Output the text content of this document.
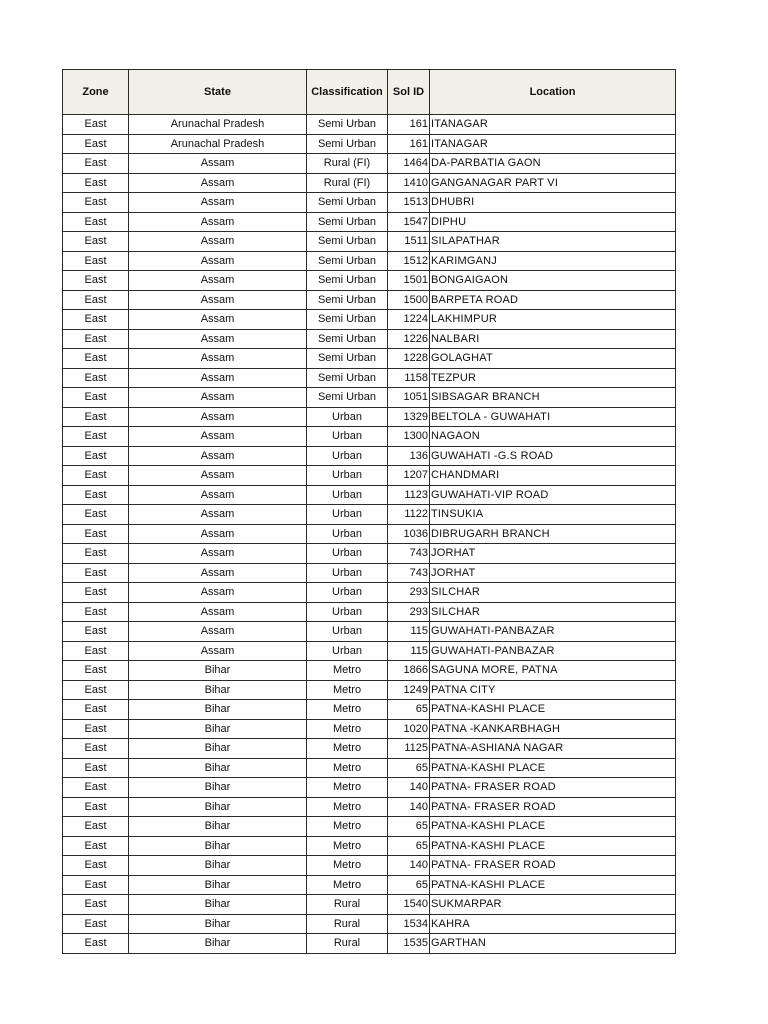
Zone	State	Classification	Sol ID	Location
East	Arunachal Pradesh	Semi Urban	161	ITANAGAR
East	Arunachal Pradesh	Semi Urban	161	ITANAGAR
East	Assam	Rural (FI)	1464	DA-PARBATIA GAON
East	Assam	Rural (FI)	1410	GANGANAGAR PART VI
East	Assam	Semi Urban	1513	DHUBRI
East	Assam	Semi Urban	1547	DIPHU
East	Assam	Semi Urban	1511	SILAPATHAR
East	Assam	Semi Urban	1512	KARIMGANJ
East	Assam	Semi Urban	1501	BONGAIGAON
East	Assam	Semi Urban	1500	BARPETA ROAD
East	Assam	Semi Urban	1224	LAKHIMPUR
East	Assam	Semi Urban	1226	NALBARI
East	Assam	Semi Urban	1228	GOLAGHAT
East	Assam	Semi Urban	1158	TEZPUR
East	Assam	Semi Urban	1051	SIBSAGAR BRANCH
East	Assam	Urban	1329	BELTOLA - GUWAHATI
East	Assam	Urban	1300	NAGAON
East	Assam	Urban	136	GUWAHATI -G.S ROAD
East	Assam	Urban	1207	CHANDMARI
East	Assam	Urban	1123	GUWAHATI-VIP ROAD
East	Assam	Urban	1122	TINSUKIA
East	Assam	Urban	1036	DIBRUGARH BRANCH
East	Assam	Urban	743	JORHAT
East	Assam	Urban	743	JORHAT
East	Assam	Urban	293	SILCHAR
East	Assam	Urban	293	SILCHAR
East	Assam	Urban	115	GUWAHATI-PANBAZAR
East	Assam	Urban	115	GUWAHATI-PANBAZAR
East	Bihar	Metro	1866	SAGUNA MORE, PATNA
East	Bihar	Metro	1249	PATNA CITY
East	Bihar	Metro	65	PATNA-KASHI PLACE
East	Bihar	Metro	1020	PATNA -KANKARBHAGH
East	Bihar	Metro	1125	PATNA-ASHIANA NAGAR
East	Bihar	Metro	65	PATNA-KASHI PLACE
East	Bihar	Metro	140	PATNA- FRASER ROAD
East	Bihar	Metro	140	PATNA- FRASER ROAD
East	Bihar	Metro	65	PATNA-KASHI PLACE
East	Bihar	Metro	65	PATNA-KASHI PLACE
East	Bihar	Metro	140	PATNA- FRASER ROAD
East	Bihar	Metro	65	PATNA-KASHI PLACE
East	Bihar	Rural	1540	SUKMARPAR
East	Bihar	Rural	1534	KAHRA
East	Bihar	Rural	1535	GARTHAN
